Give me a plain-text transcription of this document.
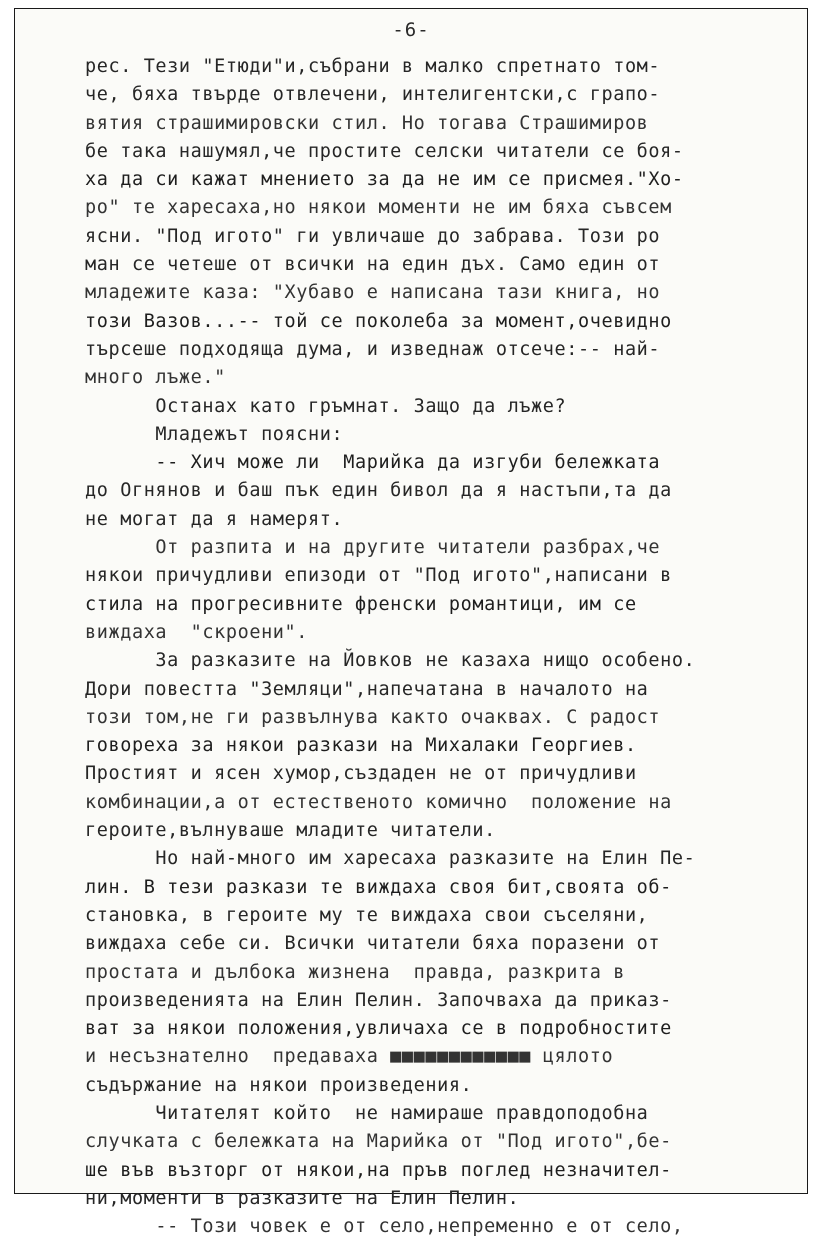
-6-
рес. Тези "Етюди"и,събрани в малко спретнато том-
че, бяха твърде отвлечени, интелигентски,с грапо-
вятия страшимировски стил. Но тогава Страшимиров
бе така нашумял,че простите селски читатели се боя-
ха да си кажат мнението за да не им се присмея."Хо-
ро" те харесаха,но някои моменти не им бяха съвсем
ясни. "Под игото" ги увличаше до забрава. Този ро
ман се четеше от всички на един дъх. Само един от
младежите каза: "Хубаво е написана тази книга, но
този Вазов...-- той се поколеба за момент,очевидно
търсеше подходяща дума, и изведнаж отсече:-- най-
много лъже."
Останах като гръмнат. Защо да лъже?
Младежът поясни:
-- Хич може ли  Марийка да изгуби бележката
до Огнянов и баш пък един бивол да я настъпи,та да
не могат да я намерят.
От разпита и на другите читатели разбрах,че
някои причудливи епизоди от "Под игото",написани в
стила на прогресивните френски романтици, им се
виждаха  "скроени".
За разказите на Йовков не казаха нищо особено.
Дори повестта "Земляци",напечатана в началото на
този том,не ги развълнува както очаквах. С радост
говореха за някои разкази на Михалаки Георгиев.
Простият и ясен хумор,създаден не от причудливи
комбинации,а от естественото комично  положение на
героите,вълнуваше младите читатели.
Но най-много им харесаха разказите на Елин Пе-
лин. В тези разкази те виждаха своя бит,своята об-
становка, в героите му те виждаха свои съселяни,
виждаха себе си. Всички читатели бяха поразени от
простата и дълбока жизнена  правда, разкрита в
произведенията на Елин Пелин. Започваха да приказ-
ват за някои положения,увличаха се в подробностите
и несъзнателно  предаваха ■■■■■■■■■■■■ цялото
съдържание на някои произведения.
Читателят който  не намираше правдоподобна
случката с бележката на Марийка от "Под игото",бе-
ше във възторг от някои,на пръв поглед незначител-
ни,моменти в разказите на Елин Пелин.
-- Този човек е от село,непременно е от село,
